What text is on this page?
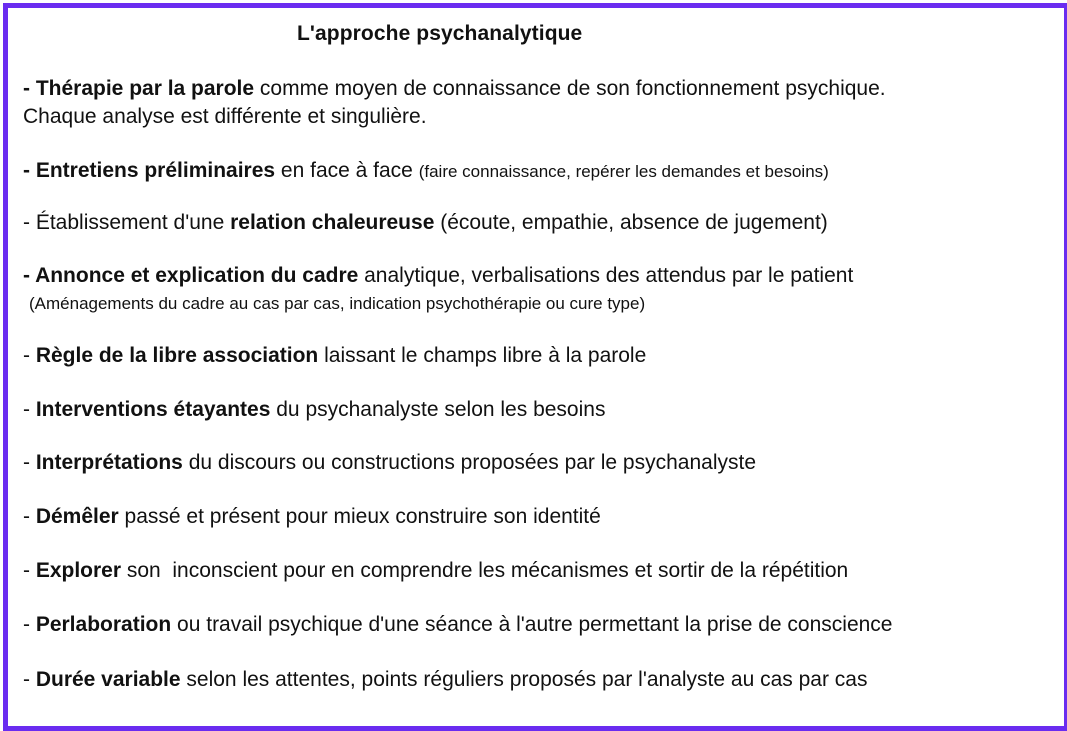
L'approche psychanalytique
- Thérapie par la parole comme moyen de connaissance de son fonctionnement psychique.
Chaque analyse est différente et singulière.
- Entretiens préliminaires en face à face (faire connaissance, repérer les demandes et besoins)
- Établissement d'une relation chaleureuse (écoute, empathie, absence de jugement)
- Annonce et explication du cadre analytique, verbalisations des attendus par le patient
(Aménagements du cadre au cas par cas, indication psychothérapie ou cure type)
- Règle de la libre association laissant le champs libre à la parole
- Interventions étayantes du psychanalyste selon les besoins
- Interprétations du discours ou constructions proposées par le psychanalyste
- Démêler passé et présent pour mieux construire son identité
- Explorer son  inconscient pour en comprendre les mécanismes et sortir de la répétition
- Perlaboration ou travail psychique d'une séance à l'autre permettant la prise de conscience
- Durée variable selon les attentes, points réguliers proposés par l'analyste au cas par cas
